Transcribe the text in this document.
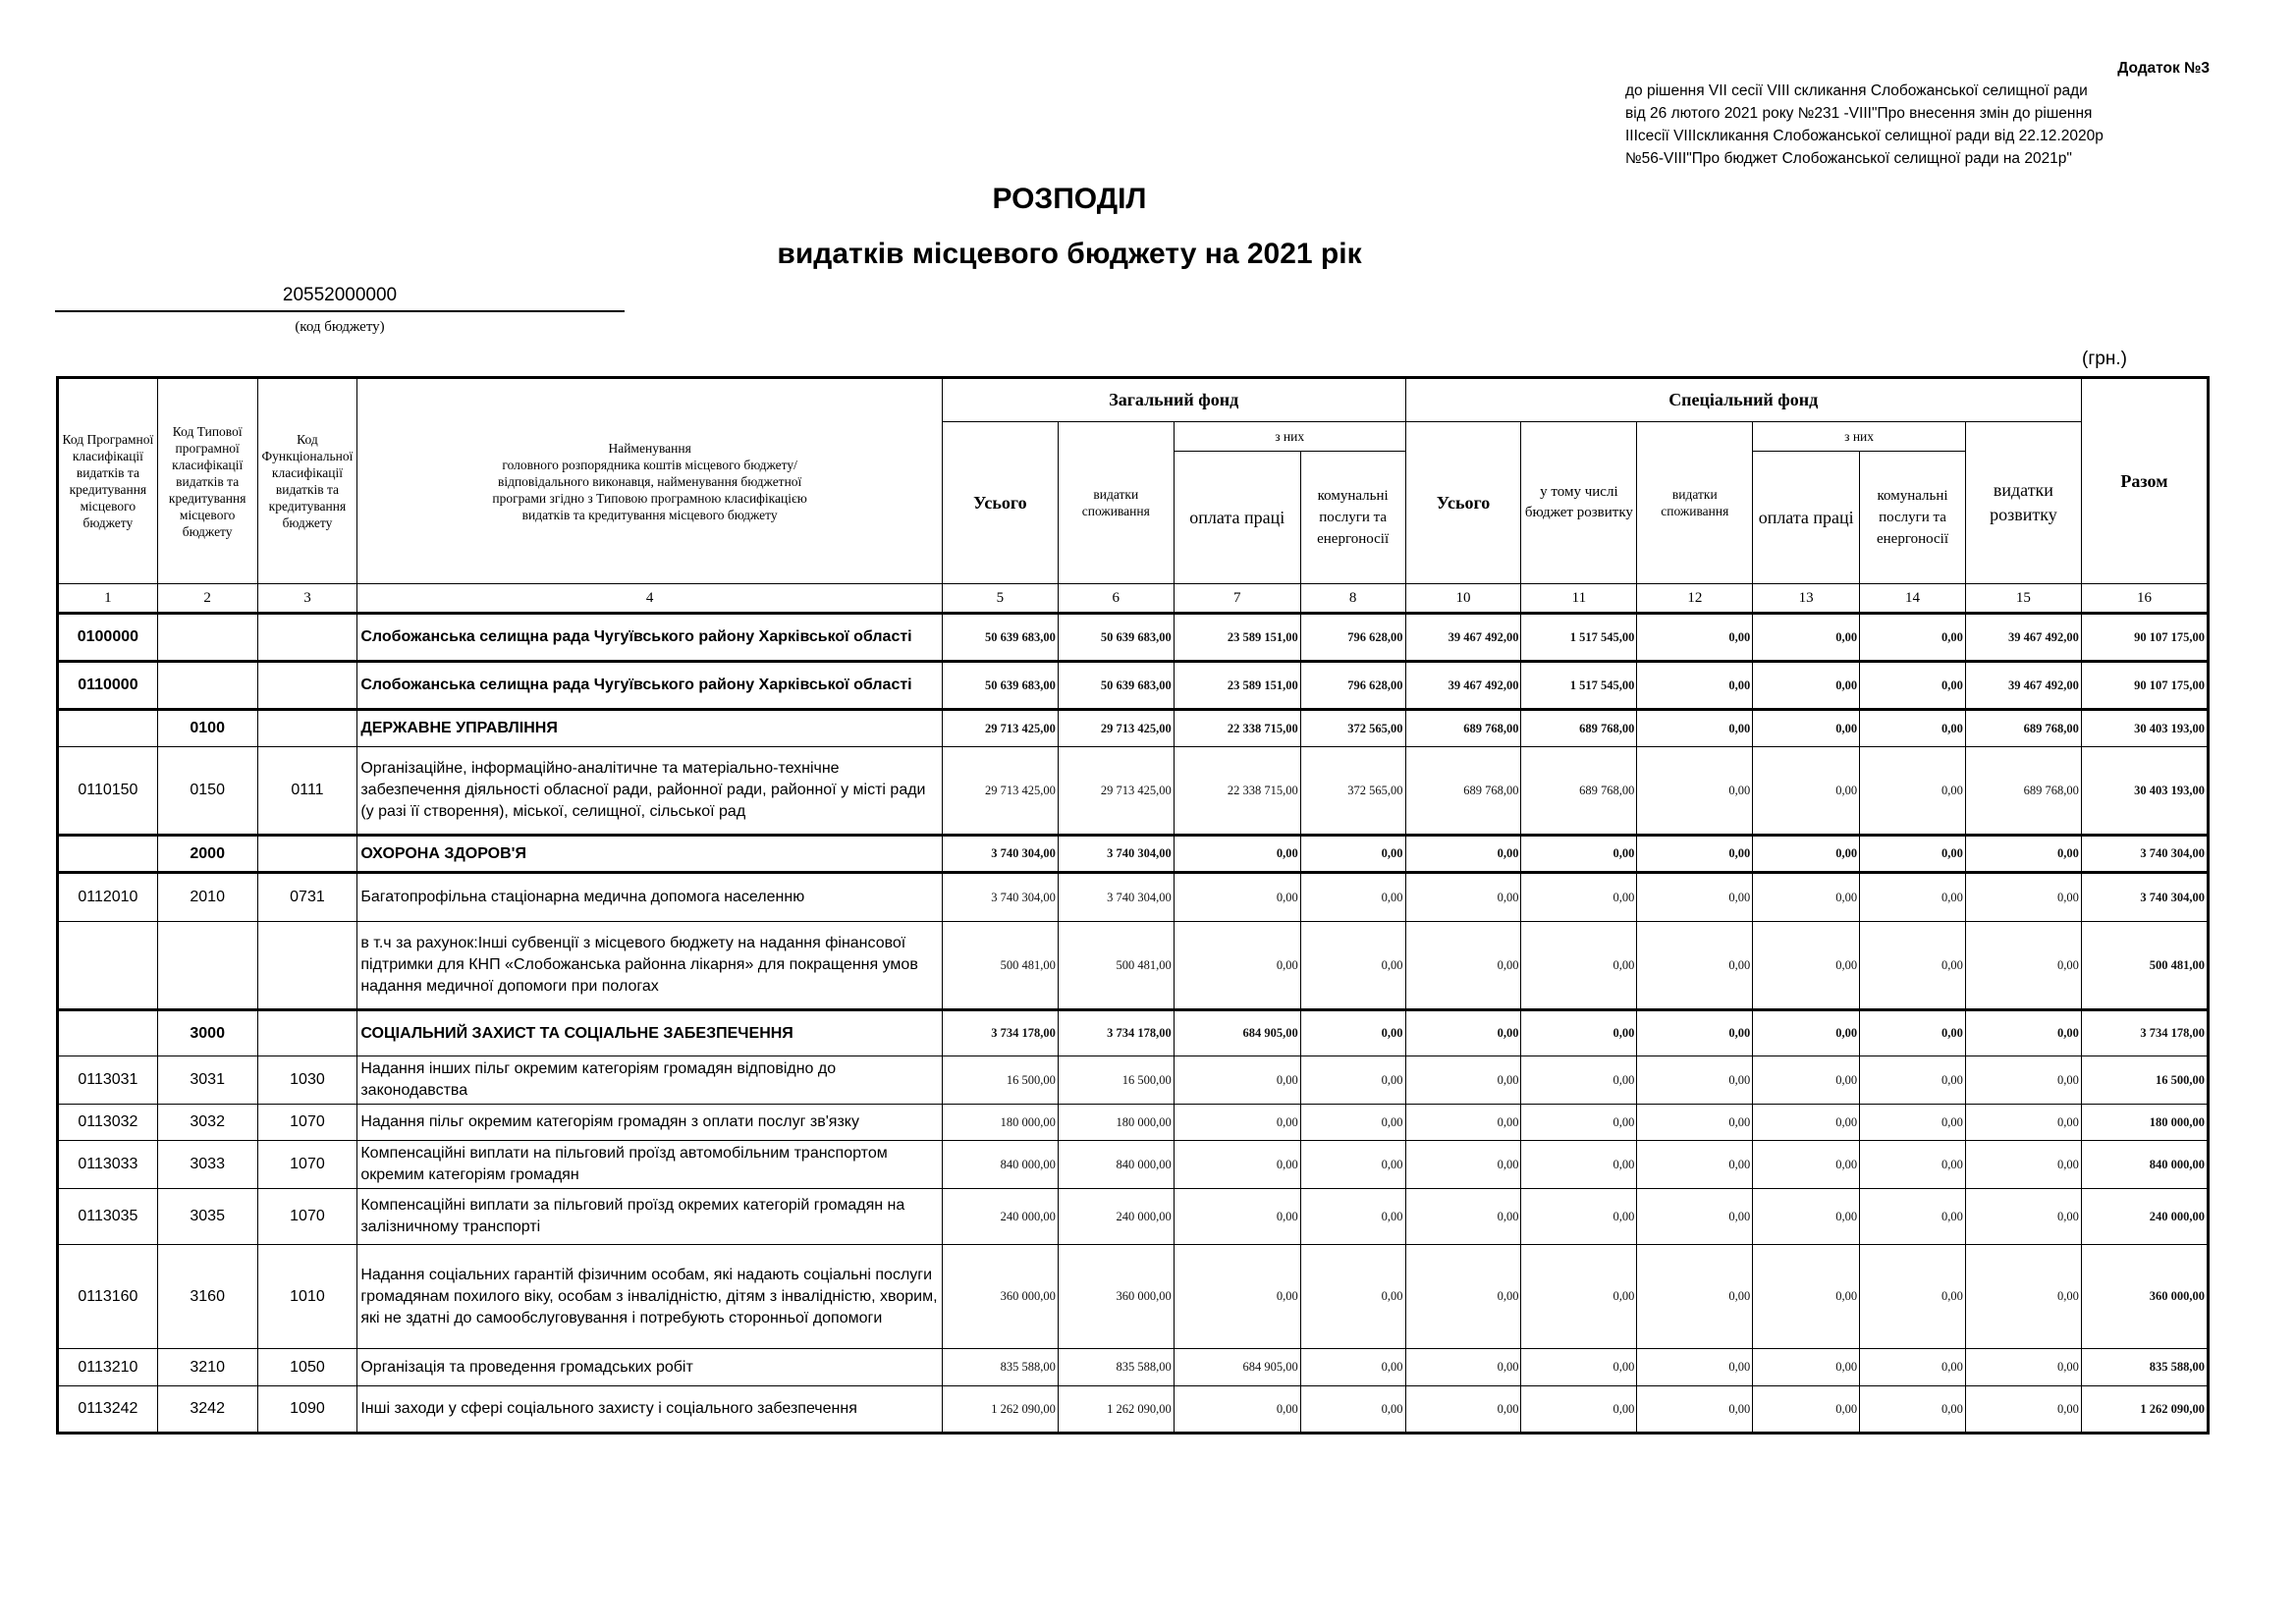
Додаток №3
до рішення VII сесії VIII скликання Слобожанської селищної ради
від 26 лютого 2021 року №231 -VIII"Про внесення змін до рішення
IIIсесії VIIIскликання Слобожанської селищної ради від 22.12.2020р
№56-VIII"Про бюджет Слобожанської селищної ради на 2021р"
РОЗПОДІЛ
видатків місцевого бюджету на 2021 рік
20552000000
(код бюджету)
(грн.)
Код Програмної класифікації видатків та кредитування місцевого бюджету	Код Типової програмної класифікації видатків та кредитування місцевого бюджету	Код Функціональної класифікації видатків та кредитування бюджету	Найменування
головного розпорядника коштів місцевого бюджету/
відповідального виконавця, найменування бюджетної
програми згідно з Типовою програмною класифікацією
видатків та кредитування місцевого бюджету	Загальний фонд				Спеціальний фонд						Разом
				Усього	видатки споживання	з них		Усього	у тому числі бюджет розвитку	видатки споживання	з них		видатки розвитку	
						оплата праці	комунальні послуги та енергоносії				оплата праці	комунальні послуги та енергоносії		
1	2	3	4	5	6	7	8	10	11	12	13	14	15	16
0100000			Слобожанська селищна рада Чугуївського району Харківської області	50 639 683,00	50 639 683,00	23 589 151,00	796 628,00	39 467 492,00	1 517 545,00	0,00	0,00	0,00	39 467 492,00	90 107 175,00
0110000			Слобожанська селищна рада Чугуївського району Харківської області	50 639 683,00	50 639 683,00	23 589 151,00	796 628,00	39 467 492,00	1 517 545,00	0,00	0,00	0,00	39 467 492,00	90 107 175,00
	0100		ДЕРЖАВНЕ УПРАВЛІННЯ	29 713 425,00	29 713 425,00	22 338 715,00	372 565,00	689 768,00	689 768,00	0,00	0,00	0,00	689 768,00	30 403 193,00
0110150	0150	0111	Організаційне, інформаційно-аналітичне та матеріально-технічне забезпечення діяльності обласної ради, районної ради, районної у місті ради (у разі її створення), міської, селищної, сільської рад	29 713 425,00	29 713 425,00	22 338 715,00	372 565,00	689 768,00	689 768,00	0,00	0,00	0,00	689 768,00	30 403 193,00
	2000		ОХОРОНА ЗДОРОВ'Я	3 740 304,00	3 740 304,00	0,00	0,00	0,00	0,00	0,00	0,00	0,00	0,00	3 740 304,00
0112010	2010	0731	Багатопрофільна стаціонарна медична допомога населенню	3 740 304,00	3 740 304,00	0,00	0,00	0,00	0,00	0,00	0,00	0,00	0,00	3 740 304,00
			в т.ч за рахунок:Інші субвенції з місцевого бюджету на надання фінансової підтримки для КНП «Слобожанська районна лікарня» для покращення умов надання медичної допомоги при пологах	500 481,00	500 481,00	0,00	0,00	0,00	0,00	0,00	0,00	0,00	0,00	500 481,00
	3000		СОЦІАЛЬНИЙ ЗАХИСТ ТА СОЦІАЛЬНЕ ЗАБЕЗПЕЧЕННЯ	3 734 178,00	3 734 178,00	684 905,00	0,00	0,00	0,00	0,00	0,00	0,00	0,00	3 734 178,00
0113031	3031	1030	Надання інших пільг окремим категоріям громадян відповідно до законодавства	16 500,00	16 500,00	0,00	0,00	0,00	0,00	0,00	0,00	0,00	0,00	16 500,00
0113032	3032	1070	Надання пільг окремим категоріям громадян з оплати послуг зв'язку	180 000,00	180 000,00	0,00	0,00	0,00	0,00	0,00	0,00	0,00	0,00	180 000,00
0113033	3033	1070	Компенсаційні виплати на пільговий проїзд автомобільним транспортом окремим категоріям громадян	840 000,00	840 000,00	0,00	0,00	0,00	0,00	0,00	0,00	0,00	0,00	840 000,00
0113035	3035	1070	Компенсаційні виплати за пільговий проїзд окремих категорій громадян на залізничному транспорті	240 000,00	240 000,00	0,00	0,00	0,00	0,00	0,00	0,00	0,00	0,00	240 000,00
0113160	3160	1010	Надання соціальних гарантій фізичним особам, які надають соціальні послуги громадянам похилого віку, особам з інвалідністю, дітям з інвалідністю, хворим, які не здатні до самообслуговування і потребують сторонньої допомоги	360 000,00	360 000,00	0,00	0,00	0,00	0,00	0,00	0,00	0,00	0,00	360 000,00
0113210	3210	1050	Організація та проведення громадських робіт	835 588,00	835 588,00	684 905,00	0,00	0,00	0,00	0,00	0,00	0,00	0,00	835 588,00
0113242	3242	1090	Інші заходи у сфері соціального захисту і соціального забезпечення	1 262 090,00	1 262 090,00	0,00	0,00	0,00	0,00	0,00	0,00	0,00	0,00	1 262 090,00
